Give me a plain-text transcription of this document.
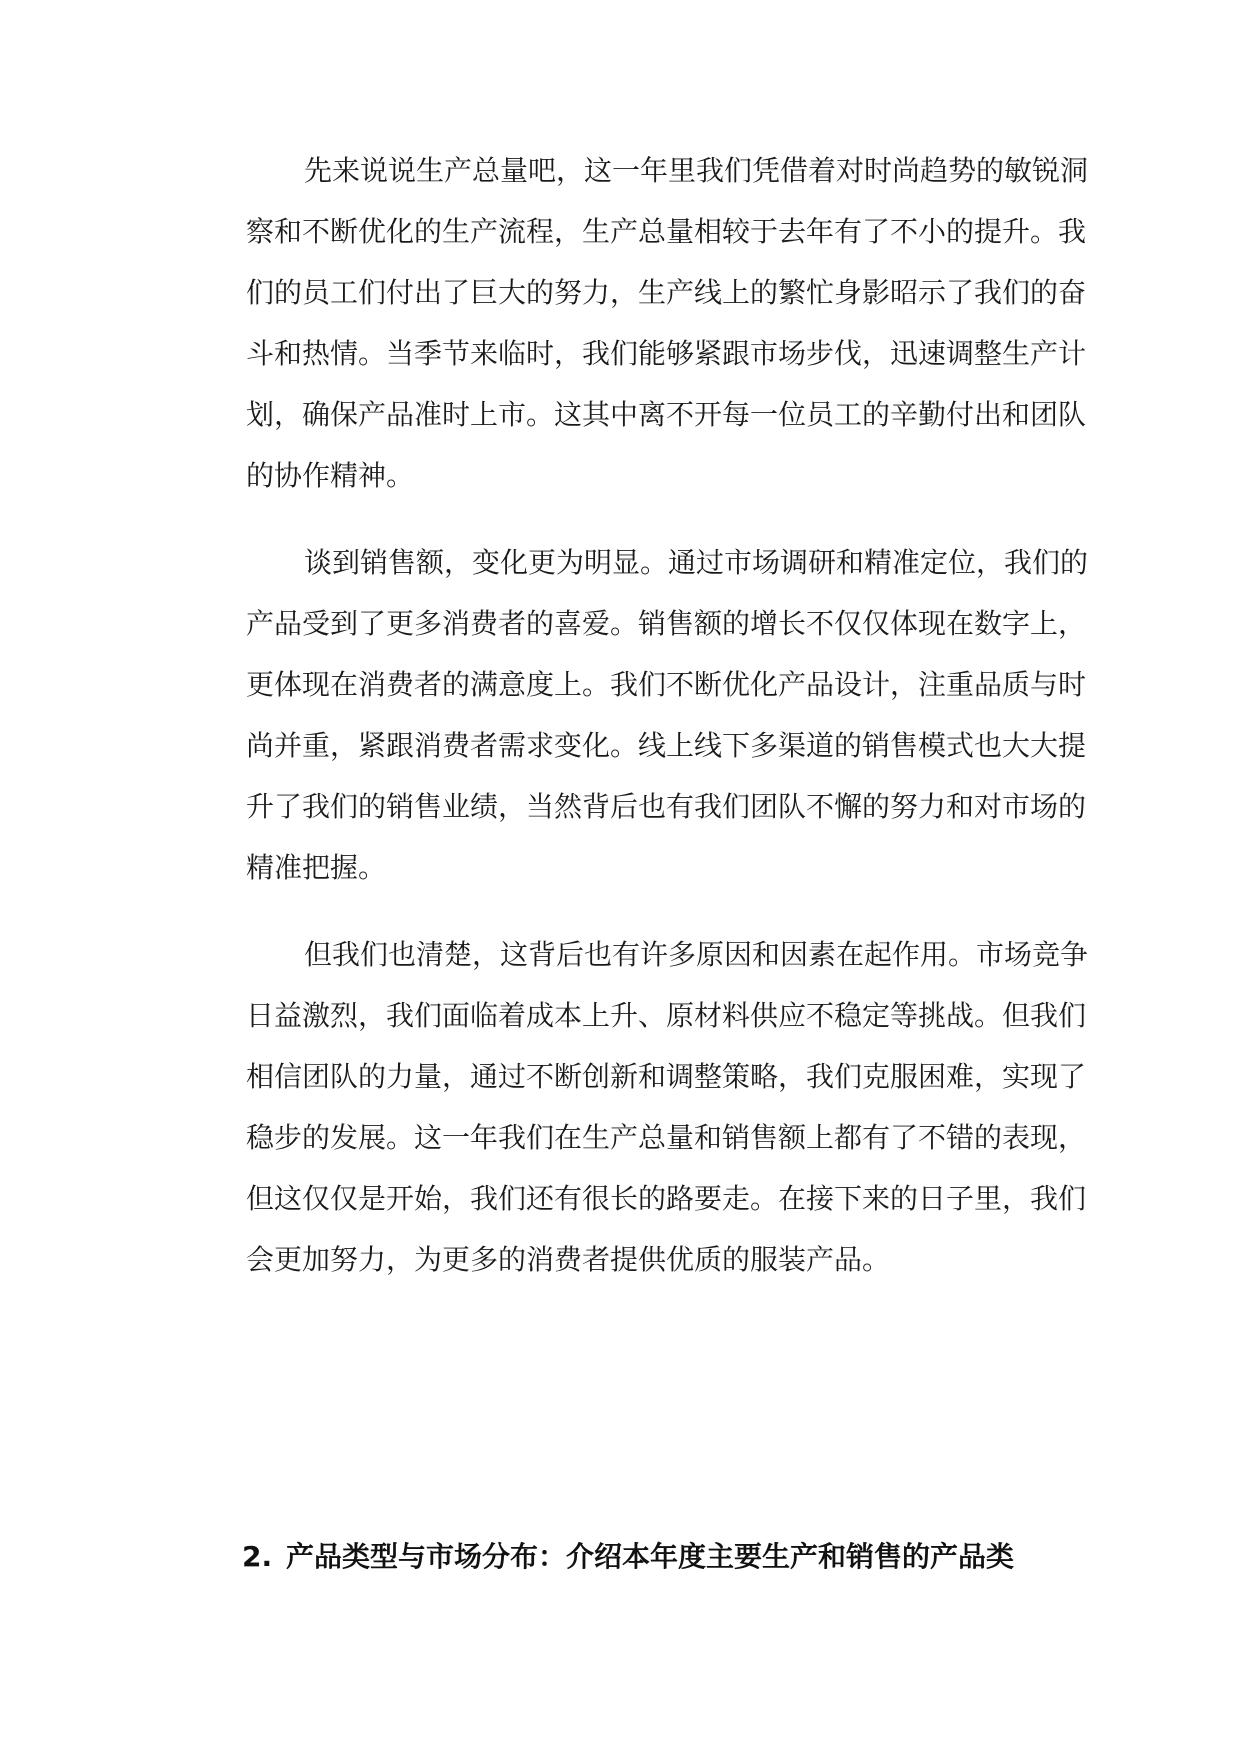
先来说说生产总量吧，这一年里我们凭借着对时尚趋势的敏锐洞
察和不断优化的生产流程，生产总量相较于去年有了不小的提升。我
们的员工们付出了巨大的努力，生产线上的繁忙身影昭示了我们的奋
斗和热情。当季节来临时，我们能够紧跟市场步伐，迅速调整生产计
划，确保产品准时上市。这其中离不开每一位员工的辛勤付出和团队
的协作精神。
谈到销售额，变化更为明显。通过市场调研和精准定位，我们的
产品受到了更多消费者的喜爱。销售额的增长不仅仅体现在数字上，
更体现在消费者的满意度上。我们不断优化产品设计，注重品质与时
尚并重，紧跟消费者需求变化。线上线下多渠道的销售模式也大大提
升了我们的销售业绩，当然背后也有我们团队不懈的努力和对市场的
精准把握。
但我们也清楚，这背后也有许多原因和因素在起作用。市场竞争
日益激烈，我们面临着成本上升、原材料供应不稳定等挑战。但我们
相信团队的力量，通过不断创新和调整策略，我们克服困难，实现了
稳步的发展。这一年我们在生产总量和销售额上都有了不错的表现，
但这仅仅是开始，我们还有很长的路要走。在接下来的日子里，我们
会更加努力，为更多的消费者提供优质的服装产品。
2. 产品类型与市场分布：介绍本年度主要生产和销售的产品类
